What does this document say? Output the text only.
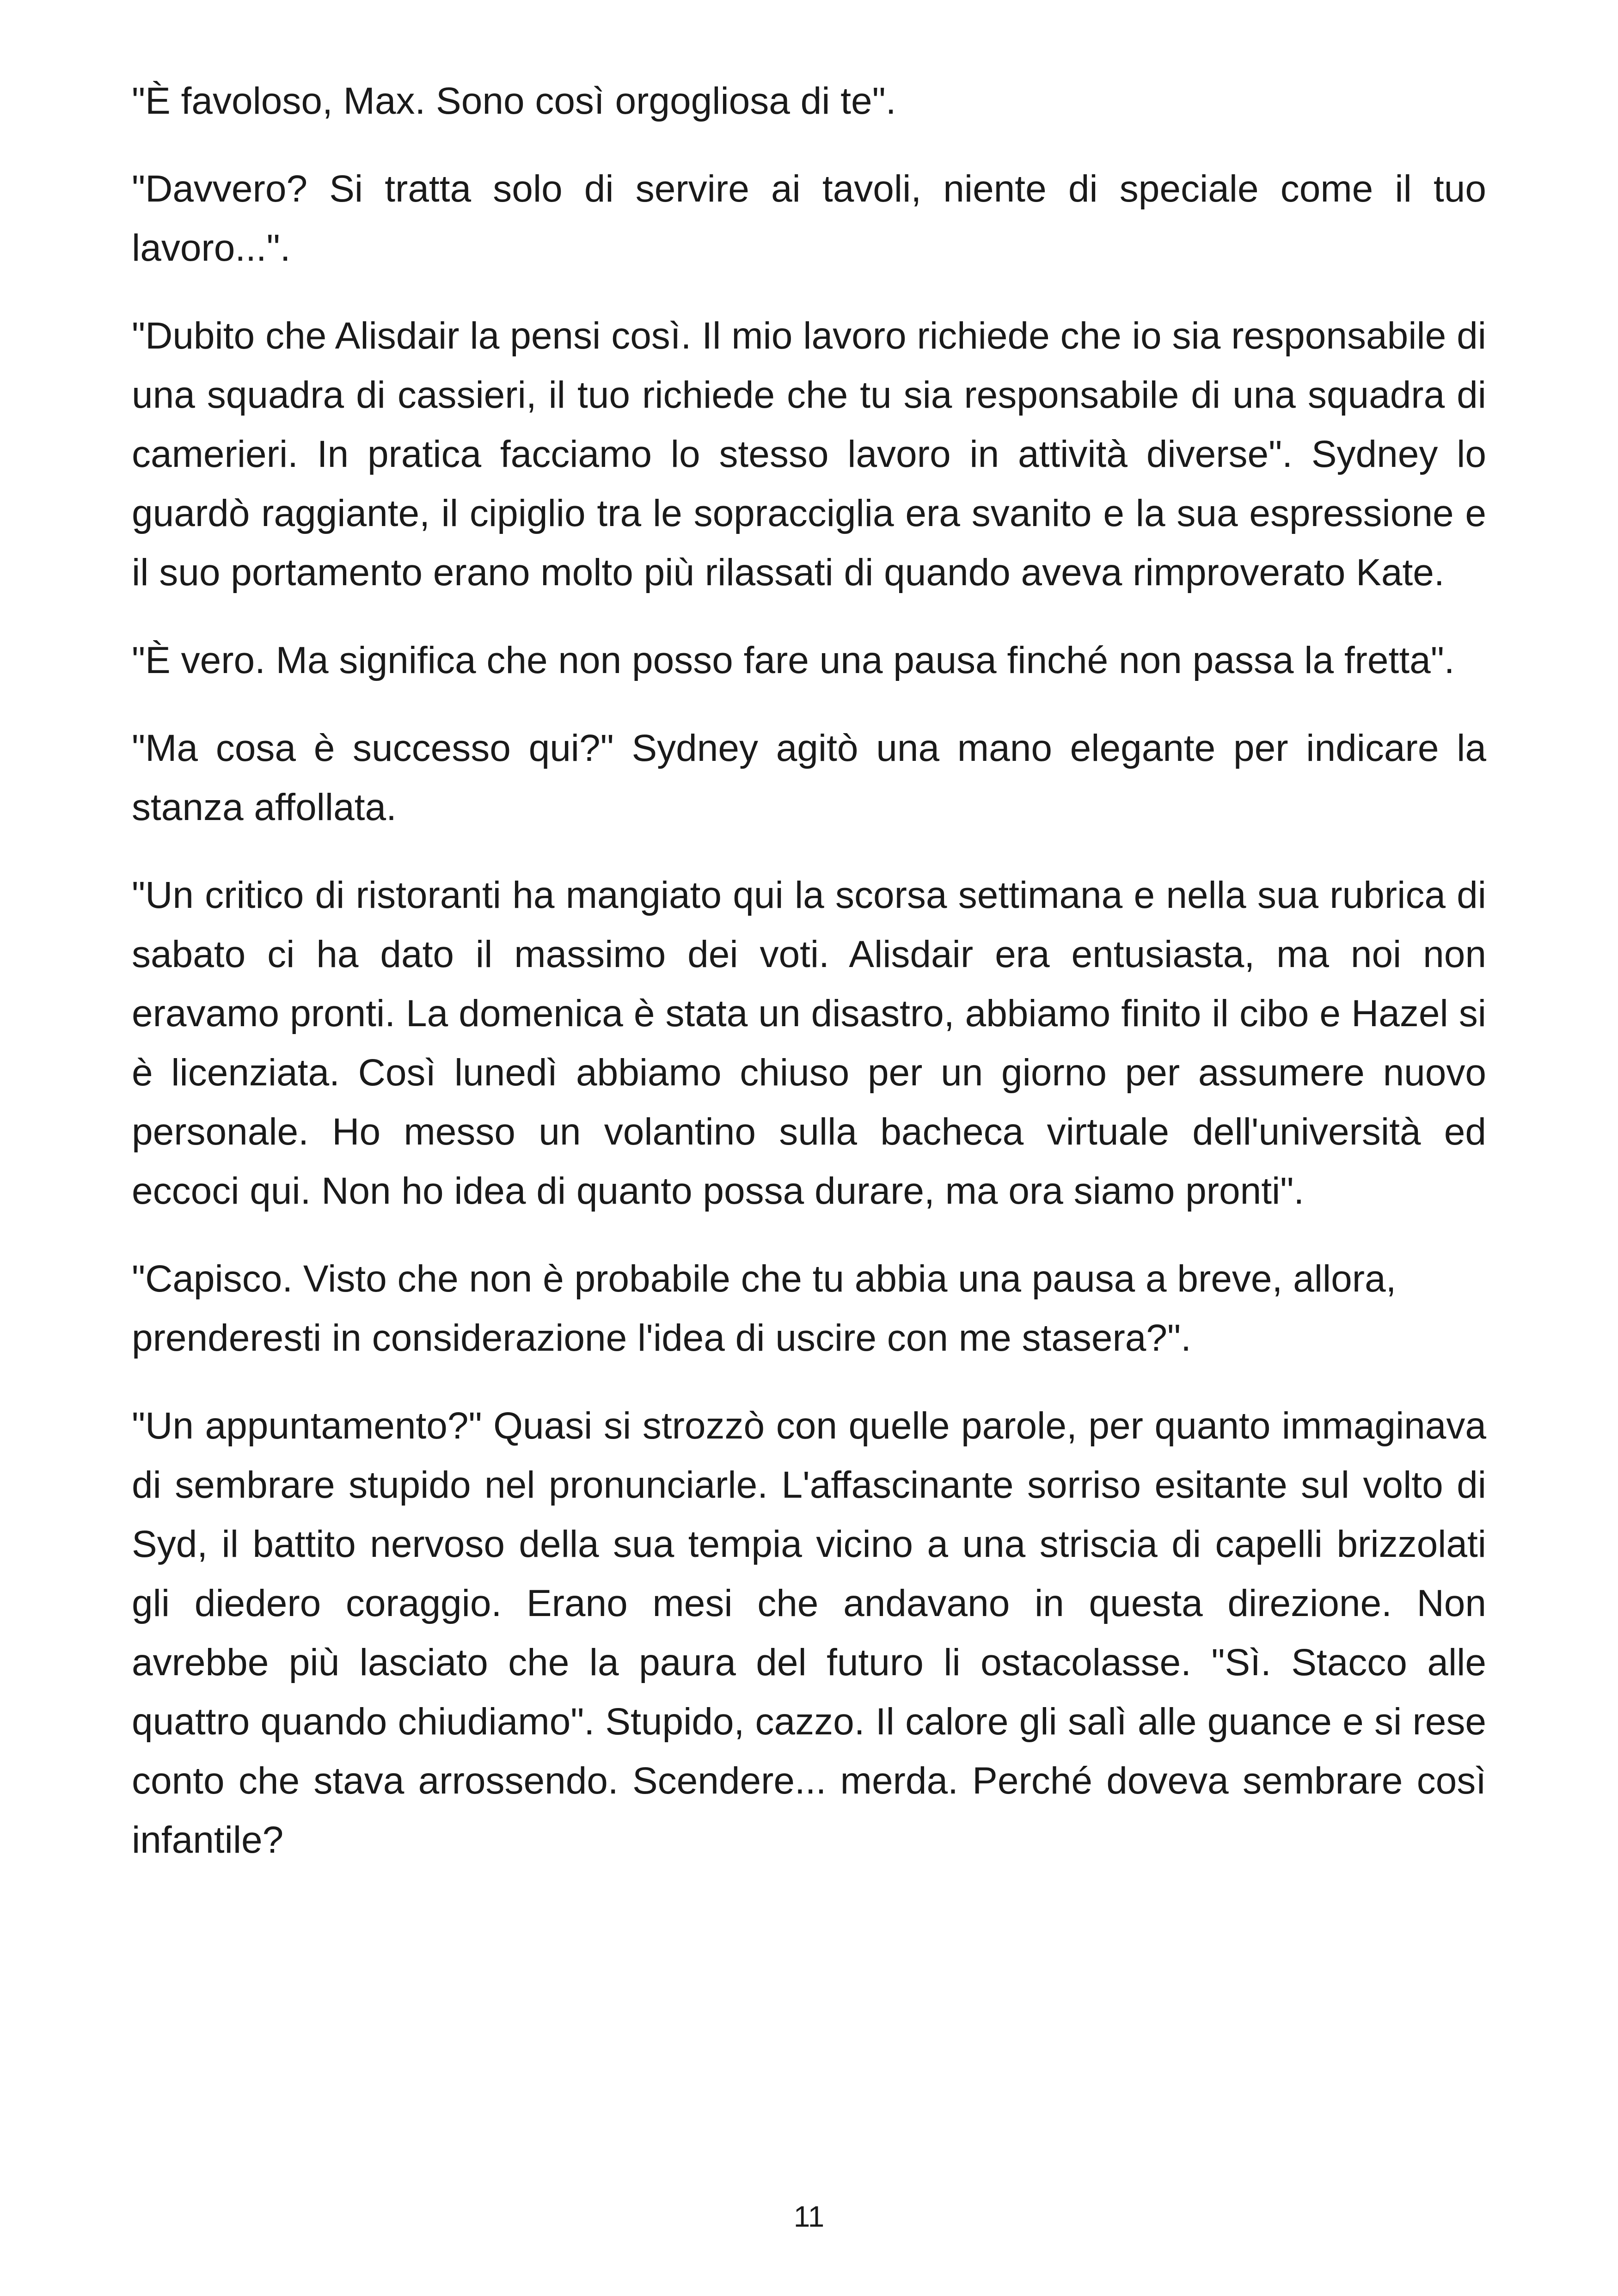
"È favoloso, Max. Sono così orgogliosa di te".

"Davvero? Si tratta solo di servire ai tavoli, niente di speciale come il tuo lavoro...".

"Dubito che Alisdair la pensi così. Il mio lavoro richiede che io sia responsabile di una squadra di cassieri, il tuo richiede che tu sia responsabile di una squadra di camerieri. In pratica facciamo lo stesso lavoro in attività diverse". Sydney lo guardò raggiante, il cipiglio tra le sopracciglia era svanito e la sua espressione e il suo portamento erano molto più rilassati di quando aveva rimproverato Kate.

"È vero. Ma significa che non posso fare una pausa finché non passa la fretta".

"Ma cosa è successo qui?" Sydney agitò una mano elegante per indicare la stanza affollata.

"Un critico di ristoranti ha mangiato qui la scorsa settimana e nella sua rubrica di sabato ci ha dato il massimo dei voti. Alisdair era entusiasta, ma noi non eravamo pronti. La domenica è stata un disastro, abbiamo finito il cibo e Hazel si è licenziata. Così lunedì abbiamo chiuso per un giorno per assumere nuovo personale. Ho messo un volantino sulla bacheca virtuale dell'università ed eccoci qui. Non ho idea di quanto possa durare, ma ora siamo pronti".

"Capisco. Visto che non è probabile che tu abbia una pausa a breve, allora, prenderesti in considerazione l'idea di uscire con me stasera?".

"Un appuntamento?" Quasi si strozzò con quelle parole, per quanto immaginava di sembrare stupido nel pronunciarle. L'affascinante sorriso esitante sul volto di Syd, il battito nervoso della sua tempia vicino a una striscia di capelli brizzolati gli diedero coraggio. Erano mesi che andavano in questa direzione. Non avrebbe più lasciato che la paura del futuro li ostacolasse. "Sì. Stacco alle quattro quando chiudiamo". Stupido, cazzo. Il calore gli salì alle guance e si rese conto che stava arrossendo. Scendere... merda. Perché doveva sembrare così infantile?

11
